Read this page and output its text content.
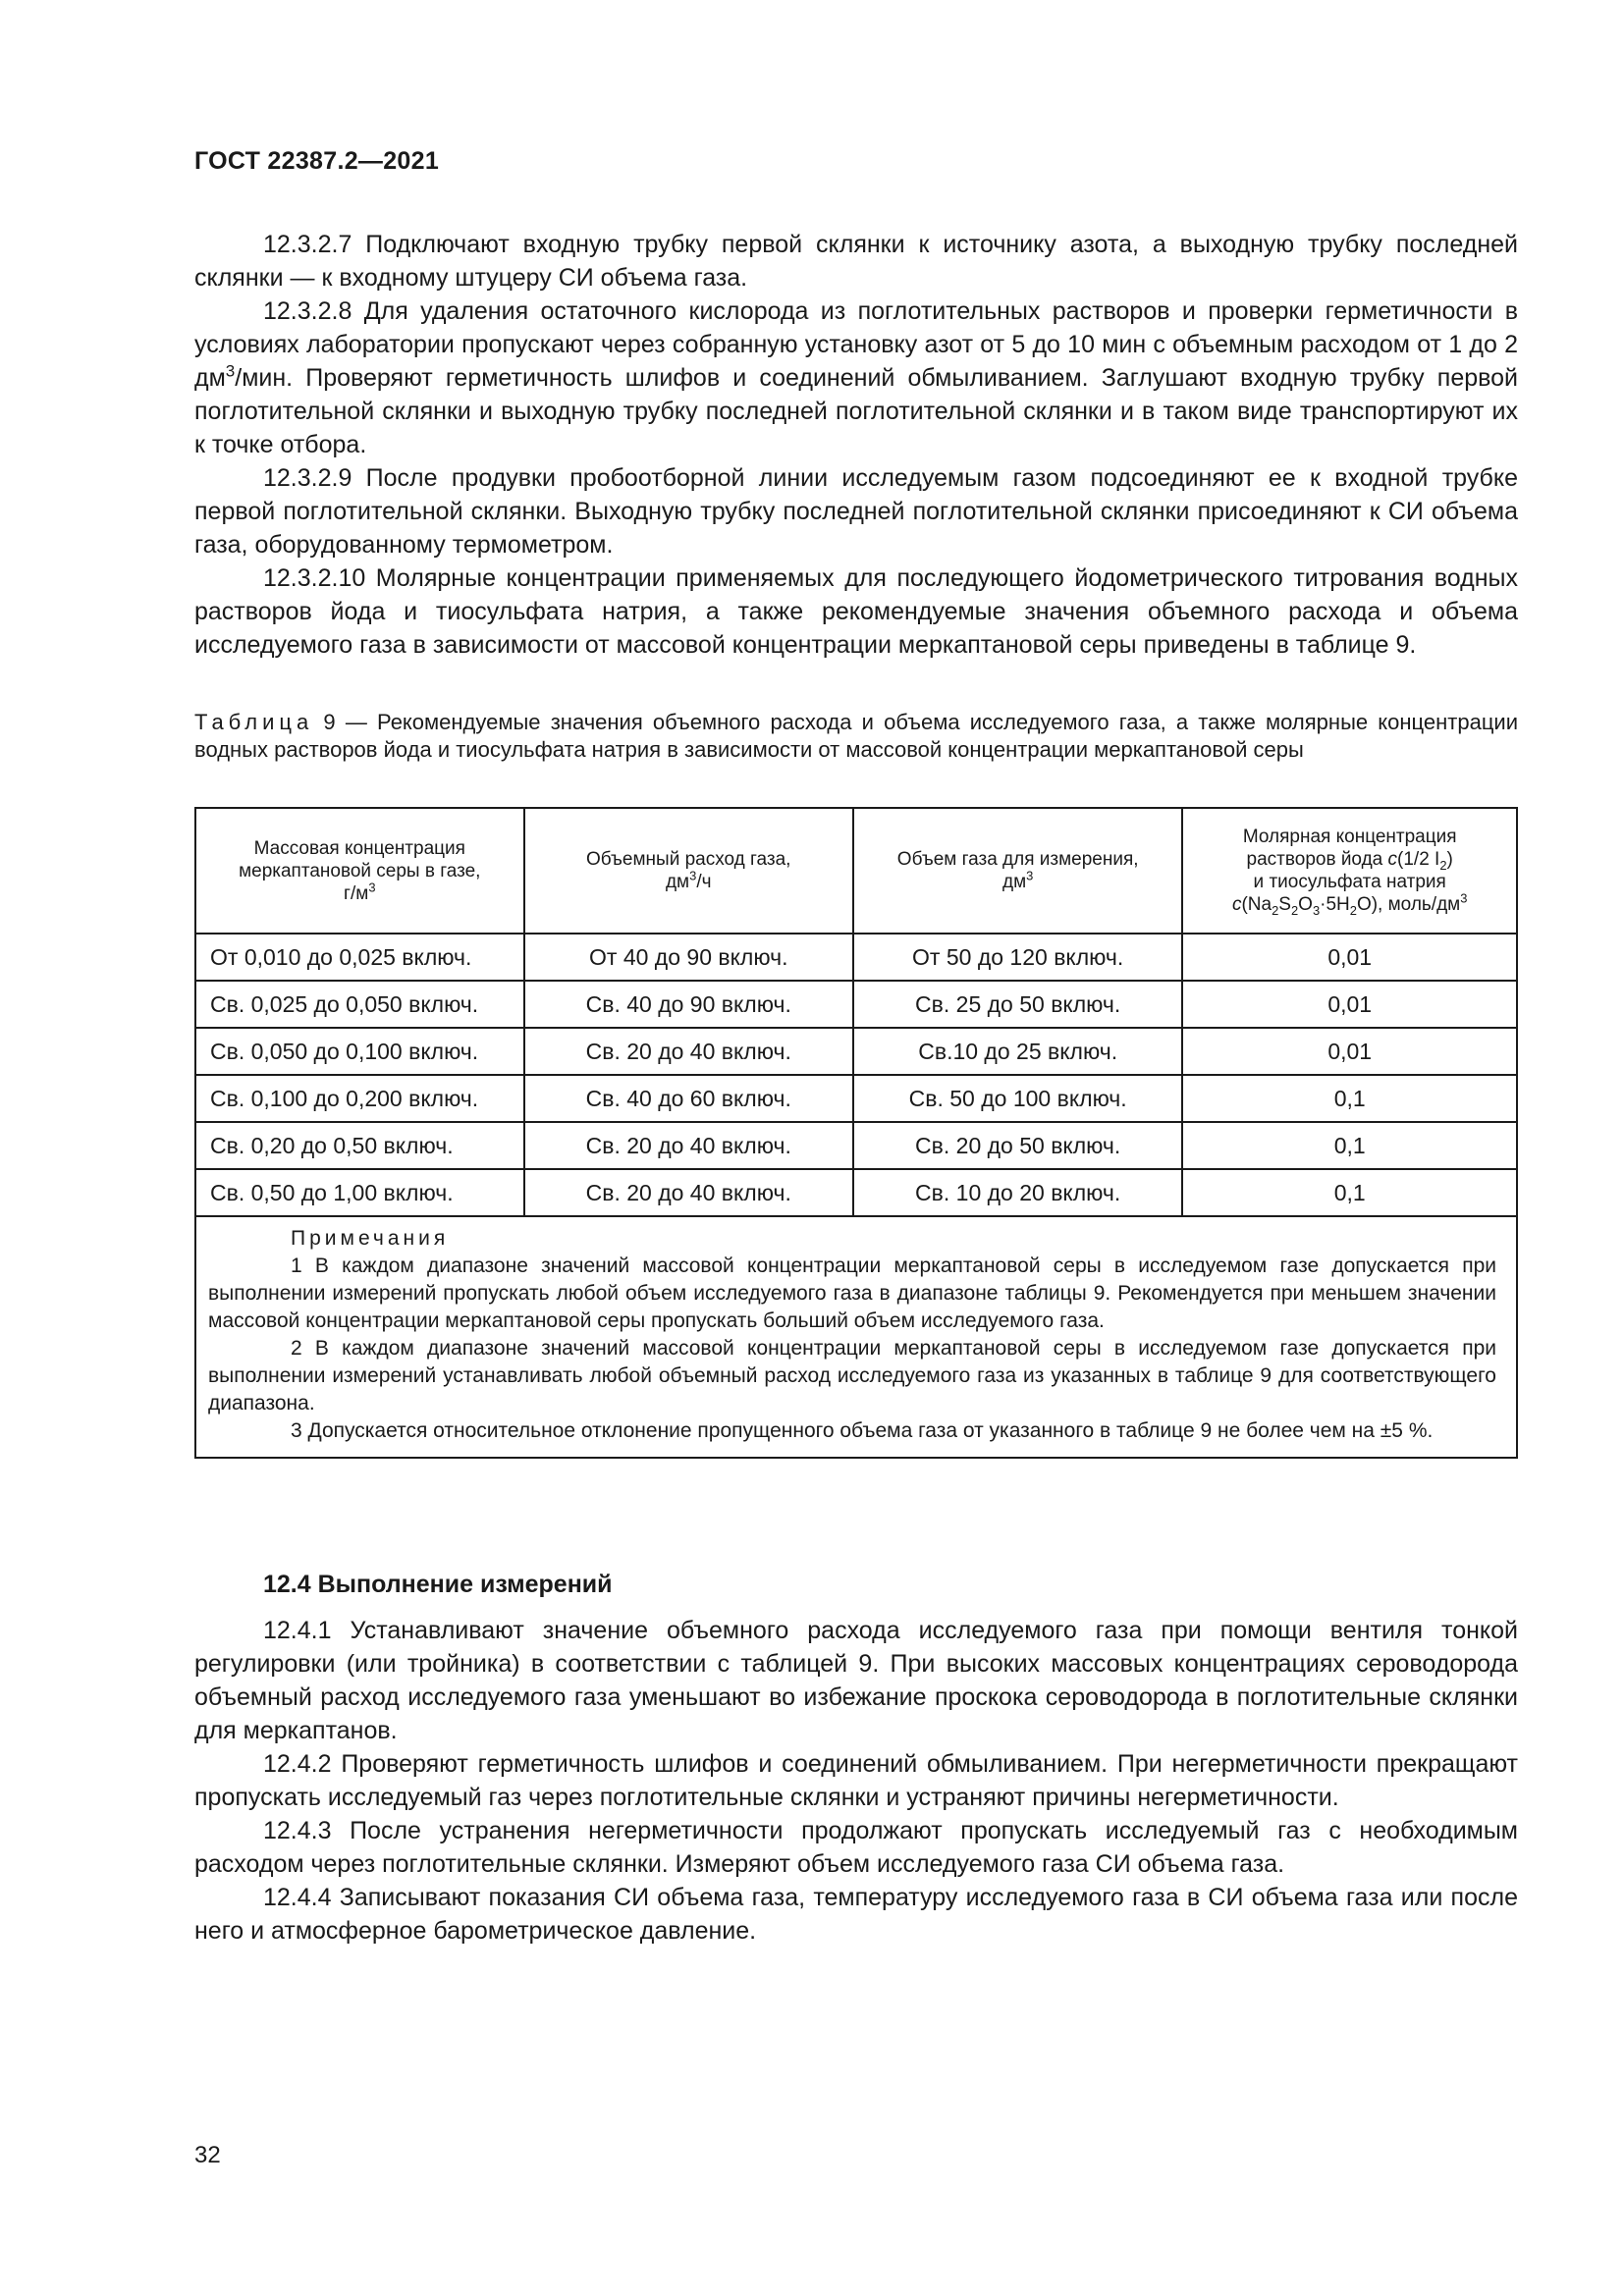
ГОСТ 22387.2—2021

12.3.2.7 Подключают входную трубку первой склянки к источнику азота, а выходную трубку последней склянки — к входному штуцеру СИ объема газа.

12.3.2.8 Для удаления остаточного кислорода из поглотительных растворов и проверки герметичности в условиях лаборатории пропускают через собранную установку азот от 5 до 10 мин с объемным расходом от 1 до 2 $дм^3$/мин. Проверяют герметичность шлифов и соединений обмыливанием. Заглушают входную трубку первой поглотительной склянки и выходную трубку последней поглотительной склянки и в таком виде транспортируют их к точке отбора.

12.3.2.9 После продувки пробоотборной линии исследуемым газом подсоединяют ее к входной трубке первой поглотительной склянки. Выходную трубку последней поглотительной склянки присоединяют к СИ объема газа, оборудованному термометром.

12.3.2.10 Молярные концентрации применяемых для последующего йодометрического титрования водных растворов йода и тиосульфата натрия, а также рекомендуемые значения объемного расхода и объема исследуемого газа в зависимости от массовой концентрации меркаптановой серы приведены в таблице 9.

Таблица 9 — Рекомендуемые значения объемного расхода и объема исследуемого газа, а также молярные концентрации водных растворов йода и тиосульфата натрия в зависимости от массовой концентрации меркаптановой серы
Массовая концентрация
меркаптановой серы в газе,
$г/м^3$	Объемный расход газа,
$дм^3/ч$	Объем газа для измерения,
$дм^3$	Молярная концентрация
растворов йода c(1/2 $I_2$)
и тиосульфата натрия
$c(Na_2S_2O_3\cdot 5H_2O)$, моль/$дм^3$
От 0,010 до 0,025 включ.	От 40 до 90 включ.	От 50 до 120 включ.	0,01
Св. 0,025 до 0,050 включ.	Св. 40 до 90 включ.	Св. 25 до 50 включ.	0,01
Св. 0,050 до 0,100 включ.	Св. 20 до 40 включ.	Св.10 до 25 включ.	0,01
Св. 0,100 до 0,200 включ.	Св. 40 до 60 включ.	Св. 50 до 100 включ.	0,1
Св. 0,20 до 0,50 включ.	Св. 20 до 40 включ.	Св. 20 до 50 включ.	0,1
Св. 0,50 до 1,00 включ.	Св. 20 до 40 включ.	Св. 10 до 20 включ.	0,1

Примечания

1 В каждом диапазоне значений массовой концентрации меркаптановой серы в исследуемом газе допускается при выполнении измерений пропускать любой объем исследуемого газа в диапазоне таблицы 9. Рекомендуется при меньшем значении массовой концентрации меркаптановой серы пропускать больший объем исследуемого газа.

2 В каждом диапазоне значений массовой концентрации меркаптановой серы в исследуемом газе допускается при выполнении измерений устанавливать любой объемный расход исследуемого газа из указанных в таблице 9 для соответствующего диапазона.

3 Допускается относительное отклонение пропущенного объема газа от указанного в таблице 9 не более чем на ±5 %.			

12.4 Выполнение измерений

12.4.1 Устанавливают значение объемного расхода исследуемого газа при помощи вентиля тонкой регулировки (или тройника) в соответствии с таблицей 9. При высоких массовых концентрациях сероводорода объемный расход исследуемого газа уменьшают во избежание проскока сероводорода в поглотительные склянки для меркаптанов.

12.4.2 Проверяют герметичность шлифов и соединений обмыливанием. При негерметичности прекращают пропускать исследуемый газ через поглотительные склянки и устраняют причины негерметичности.

12.4.3 После устранения негерметичности продолжают пропускать исследуемый газ с необходимым расходом через поглотительные склянки. Измеряют объем исследуемого газа СИ объема газа.

12.4.4 Записывают показания СИ объема газа, температуру исследуемого газа в СИ объема газа или после него и атмосферное барометрическое давление.

32
